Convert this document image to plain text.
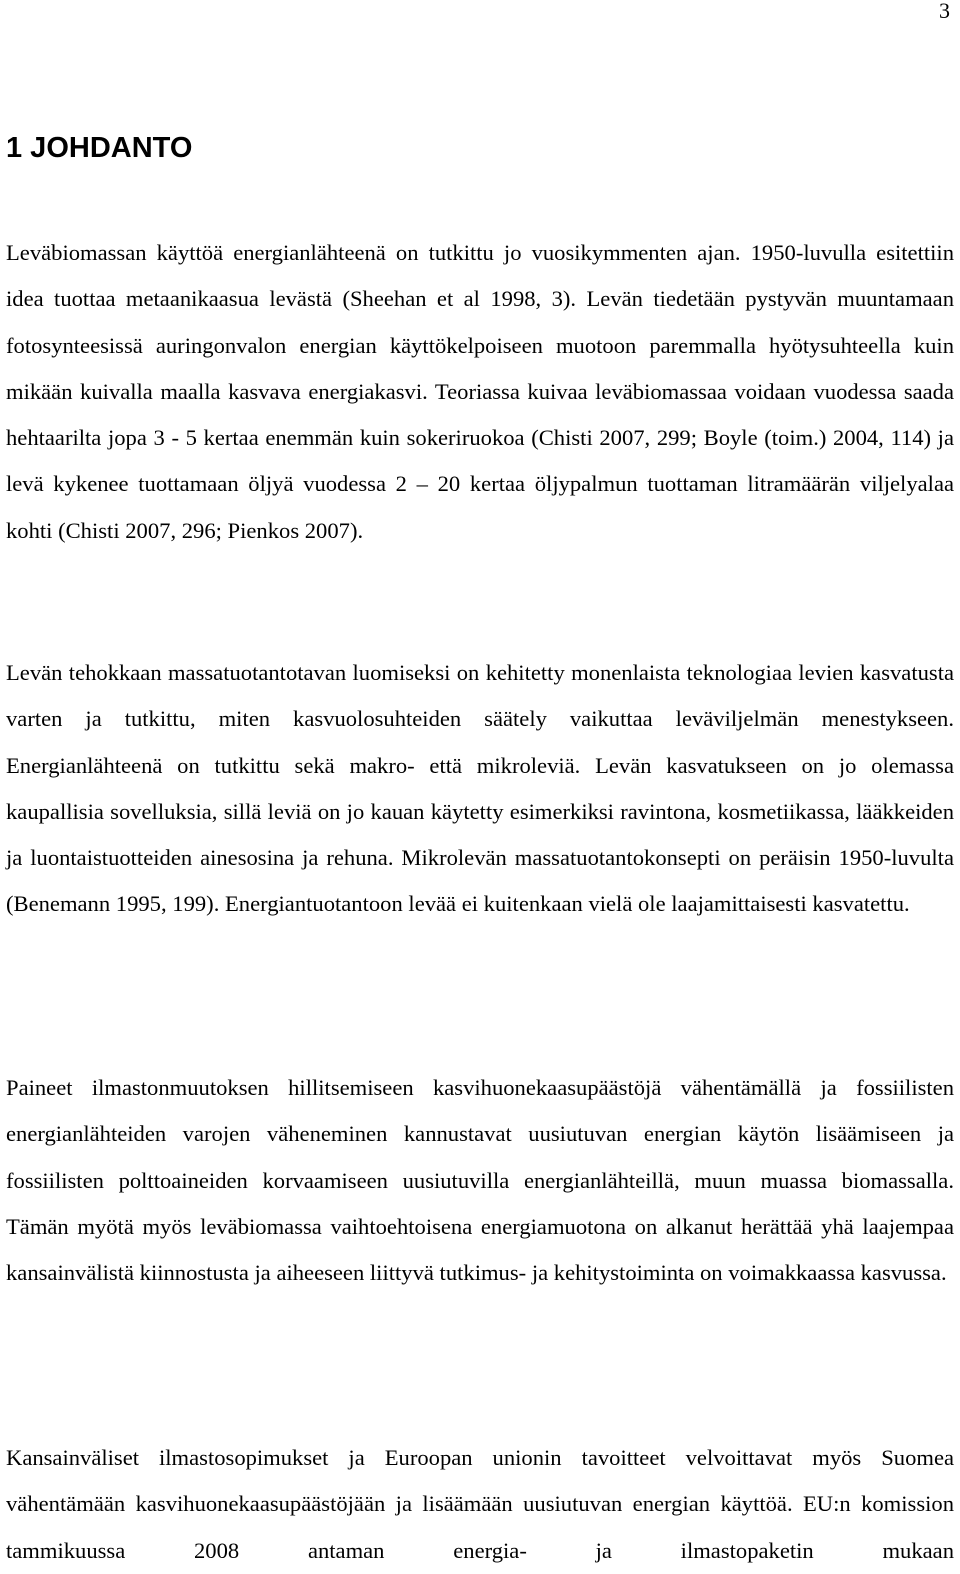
3
1 JOHDANTO

Leväbiomassan käyttöä energianlähteenä on tutkittu jo vuosikymmenten ajan. 1950-luvulla esitettiin idea tuottaa metaanikaasua levästä (Sheehan et al 1998, 3). Levän tiedetään pystyvän muuntamaan fotosynteesissä auringonvalon energian käyttökelpoiseen muotoon paremmalla hyötysuhteella kuin mikään kuivalla maalla kasvava energiakasvi. Teoriassa kuivaa leväbiomassaa voidaan vuodessa saada hehtaarilta jopa 3 - 5 kertaa enemmän kuin sokeriruokoa (Chisti 2007, 299; Boyle (toim.) 2004, 114) ja levä kykenee tuottamaan öljyä vuodessa 2 – 20 kertaa öljypalmun tuottaman litramäärän viljelyalaa kohti (Chisti 2007, 296; Pienkos 2007).

Levän tehokkaan massatuotantotavan luomiseksi on kehitetty monenlaista teknologiaa levien kasvatusta varten ja tutkittu, miten kasvuolosuhteiden säätely vaikuttaa leväviljelmän menestykseen. Energianlähteenä on tutkittu sekä makro- että mikroleviä. Levän kasvatukseen on jo olemassa kaupallisia sovelluksia, sillä leviä on jo kauan käytetty esimerkiksi ravintona, kosmetiikassa, lääkkeiden ja luontaistuotteiden ainesosina ja rehuna. Mikrolevän massatuotantokonsepti on peräisin 1950-luvulta (Benemann 1995, 199). Energiantuotantoon levää ei kuitenkaan vielä ole laajamittaisesti kasvatettu.

Paineet ilmastonmuutoksen hillitsemiseen kasvihuonekaasupäästöjä vähentämällä ja fossiilisten energianlähteiden varojen väheneminen kannustavat uusiutuvan energian käytön lisäämiseen ja fossiilisten polttoaineiden korvaamiseen uusiutuvilla energianlähteillä, muun muassa biomassalla. Tämän myötä myös leväbiomassa vaihtoehtoisena energiamuotona on alkanut herättää yhä laajempaa kansainvälistä kiinnostusta ja aiheeseen liittyvä tutkimus- ja kehitystoiminta on voimakkaassa kasvussa.

Kansainväliset ilmastosopimukset ja Euroopan unionin tavoitteet velvoittavat myös Suomea vähentämään kasvihuonekaasupäästöjään ja lisäämään uusiutuvan energian käyttöä. EU:n komission tammikuussa 2008 antaman energia- ja ilmastopaketin mukaan
